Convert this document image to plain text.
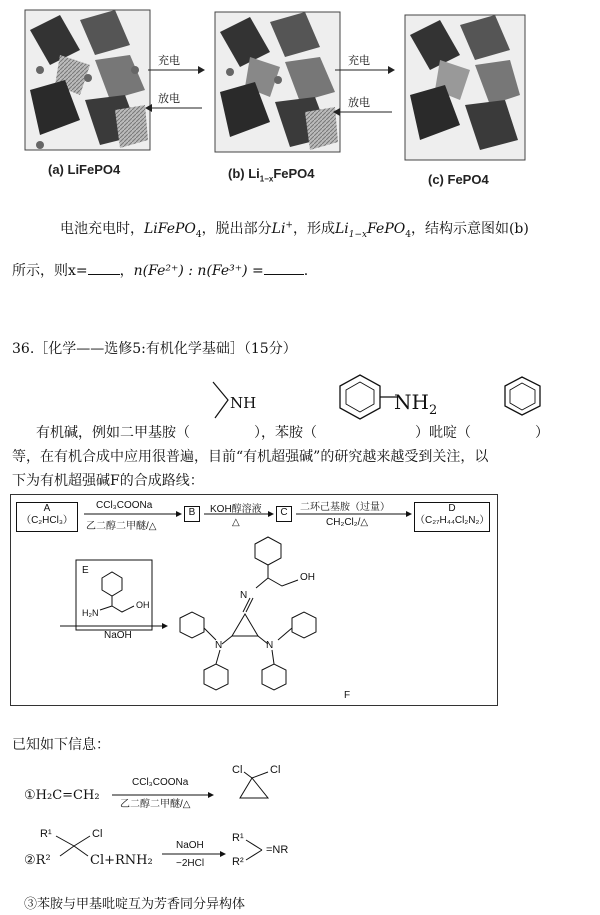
充电
放电
充电
放电
(a) LiFePO4	(b) $Li_{1-x}FePO4$	(c) FePO4
电池充电时，LiFePO$_4$，脱出部分Li+，形成$Li_{1-x}FePO_4$，结构示意图如(b)
所示，则x= ，n(Fe²⁺) : n(Fe³⁺) =	.
36.［化学——选修5:有机化学基础］（15分）
NH	$NH_2$
有机碱，例如二甲基胺（	），苯胺（	）吡啶（	）
等，在有机合成中应用很普遍，目前“有机超强碱”的研究越来越受到关注，以
下为有机超强碱F的合成路线：
A
（C₂HCl₃）
CCl₃COONa
乙二醇二甲醚/△
B	KOH醇溶液
△
C	二环己基胺（过量）
CH₂Cl₂/△
D
（C₂₇H₄₄Cl₂N₂）
E
H₂N
OH
NaOH
OH
N
N	N
F
已知如下信息：
①H₂C=CH₂
CCl₃COONa
乙二醇二甲醚/△
Cl	Cl
R¹	Cl
②R²	Cl+RNH₂
NaOH
−2HCl
R¹
R²
=NR
③苯胺与甲基吡啶互为芳香同分异构体
